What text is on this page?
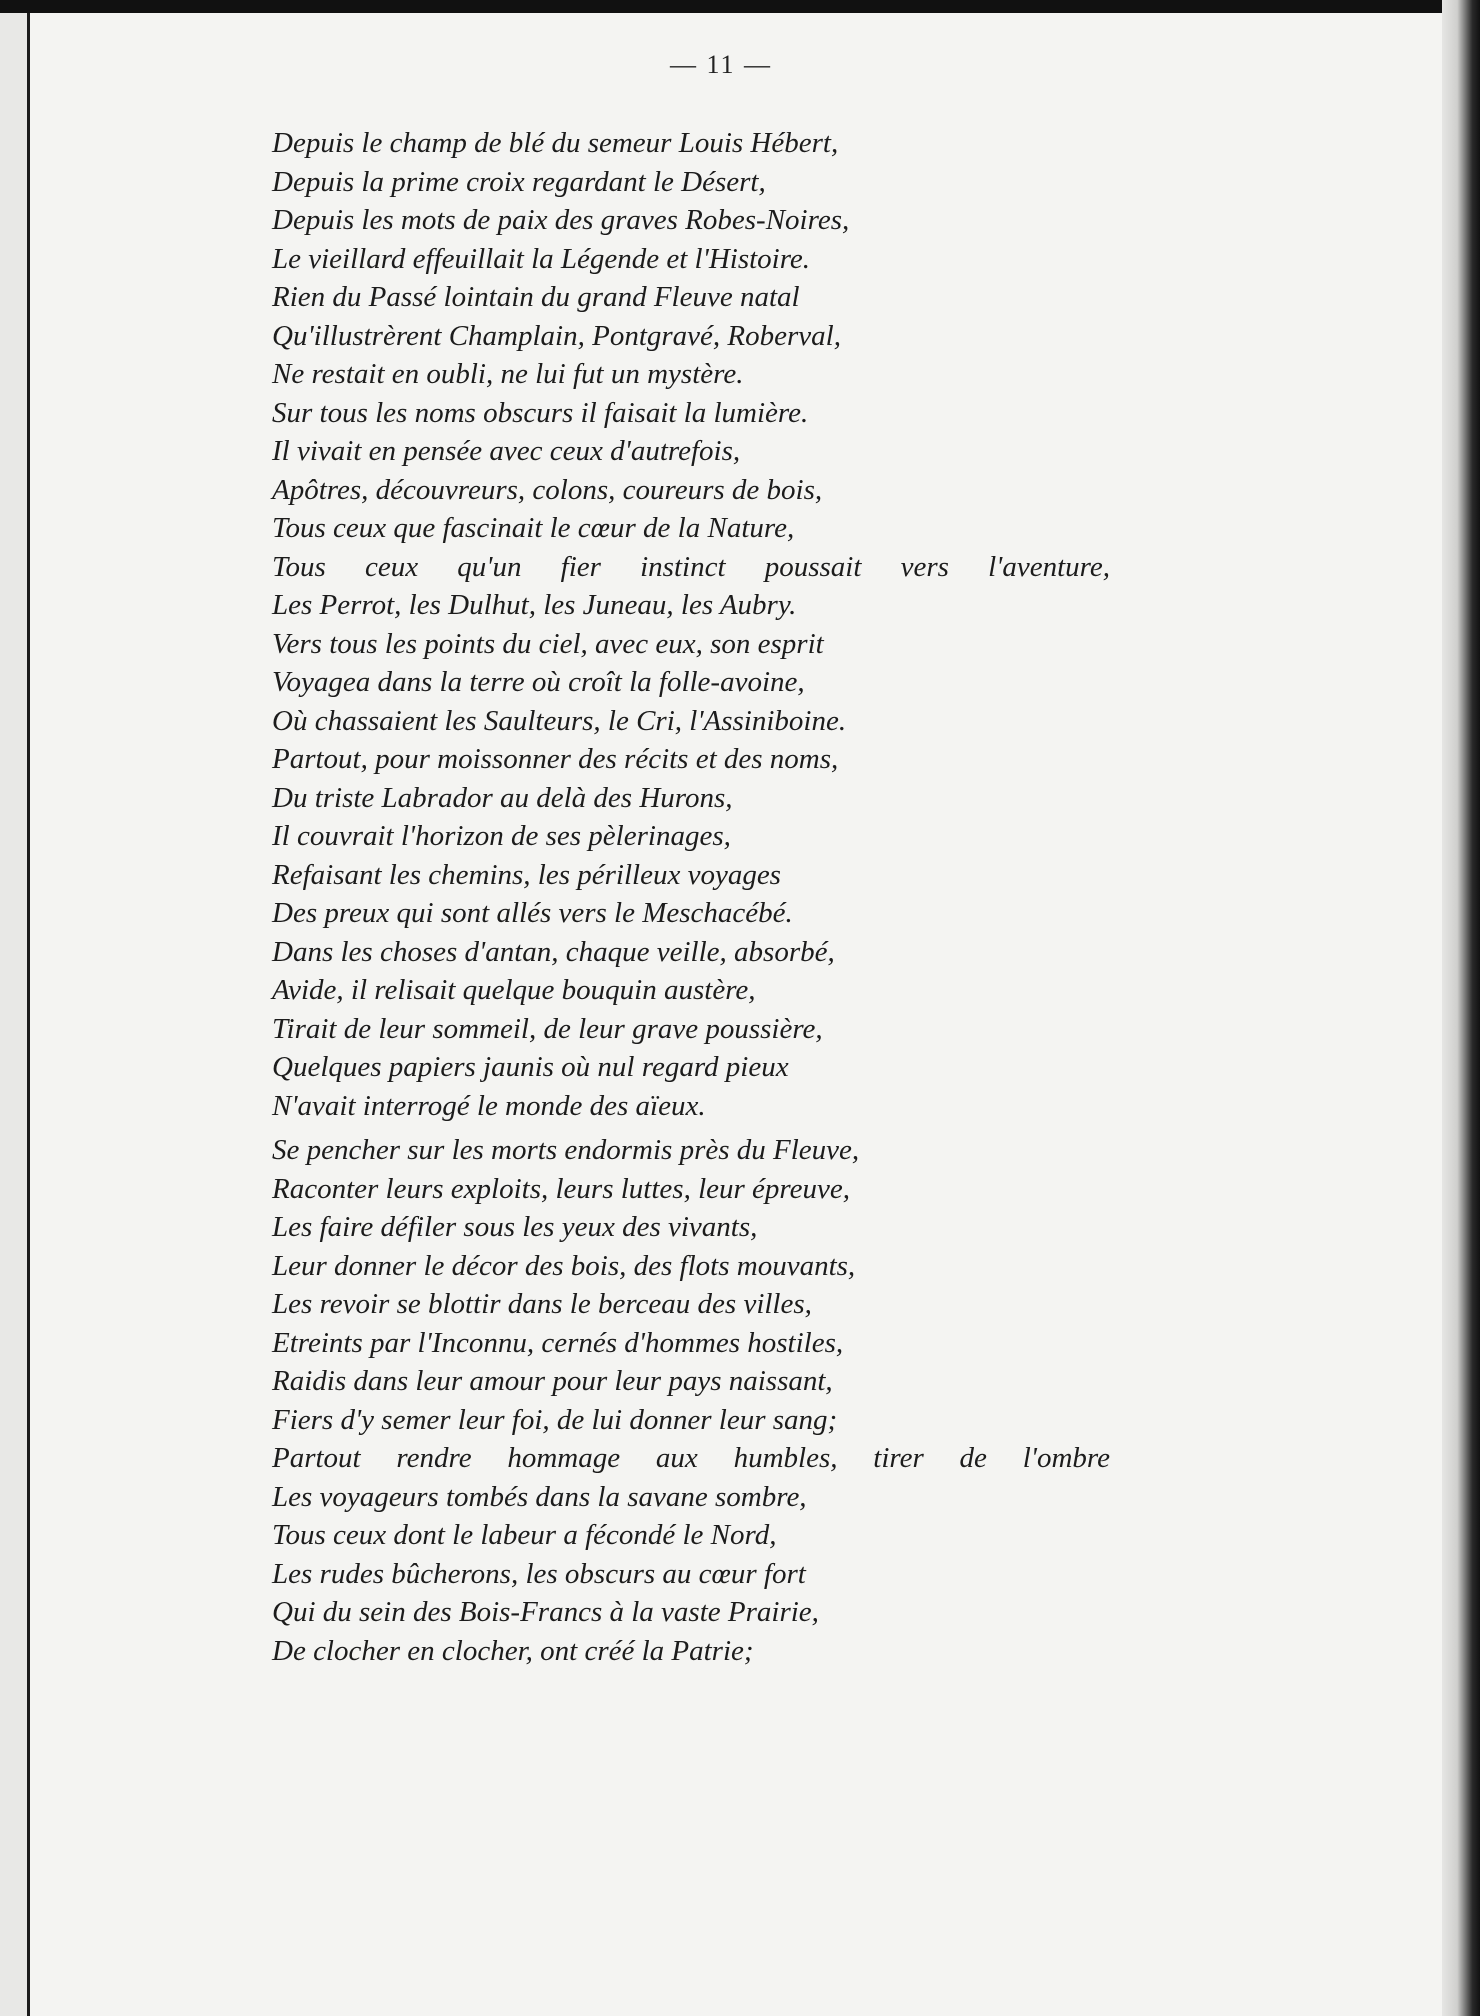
— 11 —
Depuis le champ de blé du semeur Louis Hébert,
Depuis la prime croix regardant le Désert,
Depuis les mots de paix des graves Robes-Noires,
Le vieillard effeuillait la Légende et l'Histoire.
Rien du Passé lointain du grand Fleuve natal
Qu'illustrèrent Champlain, Pontgravé, Roberval,
Ne restait en oubli, ne lui fut un mystère.
Sur tous les noms obscurs il faisait la lumière.
Il vivait en pensée avec ceux d'autrefois,
Apôtres, découvreurs, colons, coureurs de bois,
Tous ceux que fascinait le cœur de la Nature,
Tous ceux qu'un fier instinct poussait vers l'aventure,
Les Perrot, les Dulhut, les Juneau, les Aubry.
Vers tous les points du ciel, avec eux, son esprit
Voyagea dans la terre où croît la folle-avoine,
Où chassaient les Saulteurs, le Cri, l'Assiniboine.
Partout, pour moissonner des récits et des noms,
Du triste Labrador au delà des Hurons,
Il couvrait l'horizon de ses pèlerinages,
Refaisant les chemins, les périlleux voyages
Des preux qui sont allés vers le Meschacébé.
Dans les choses d'antan, chaque veille, absorbé,
Avide, il relisait quelque bouquin austère,
Tirait de leur sommeil, de leur grave poussière,
Quelques papiers jaunis où nul regard pieux
N'avait interrogé le monde des aïeux.
Se pencher sur les morts endormis près du Fleuve,
Raconter leurs exploits, leurs luttes, leur épreuve,
Les faire défiler sous les yeux des vivants,
Leur donner le décor des bois, des flots mouvants,
Les revoir se blottir dans le berceau des villes,
Etreints par l'Inconnu, cernés d'hommes hostiles,
Raidis dans leur amour pour leur pays naissant,
Fiers d'y semer leur foi, de lui donner leur sang;
Partout rendre hommage aux humbles, tirer de l'ombre
Les voyageurs tombés dans la savane sombre,
Tous ceux dont le labeur a fécondé le Nord,
Les rudes bûcherons, les obscurs au cœur fort
Qui du sein des Bois-Francs à la vaste Prairie,
De clocher en clocher, ont créé la Patrie;
